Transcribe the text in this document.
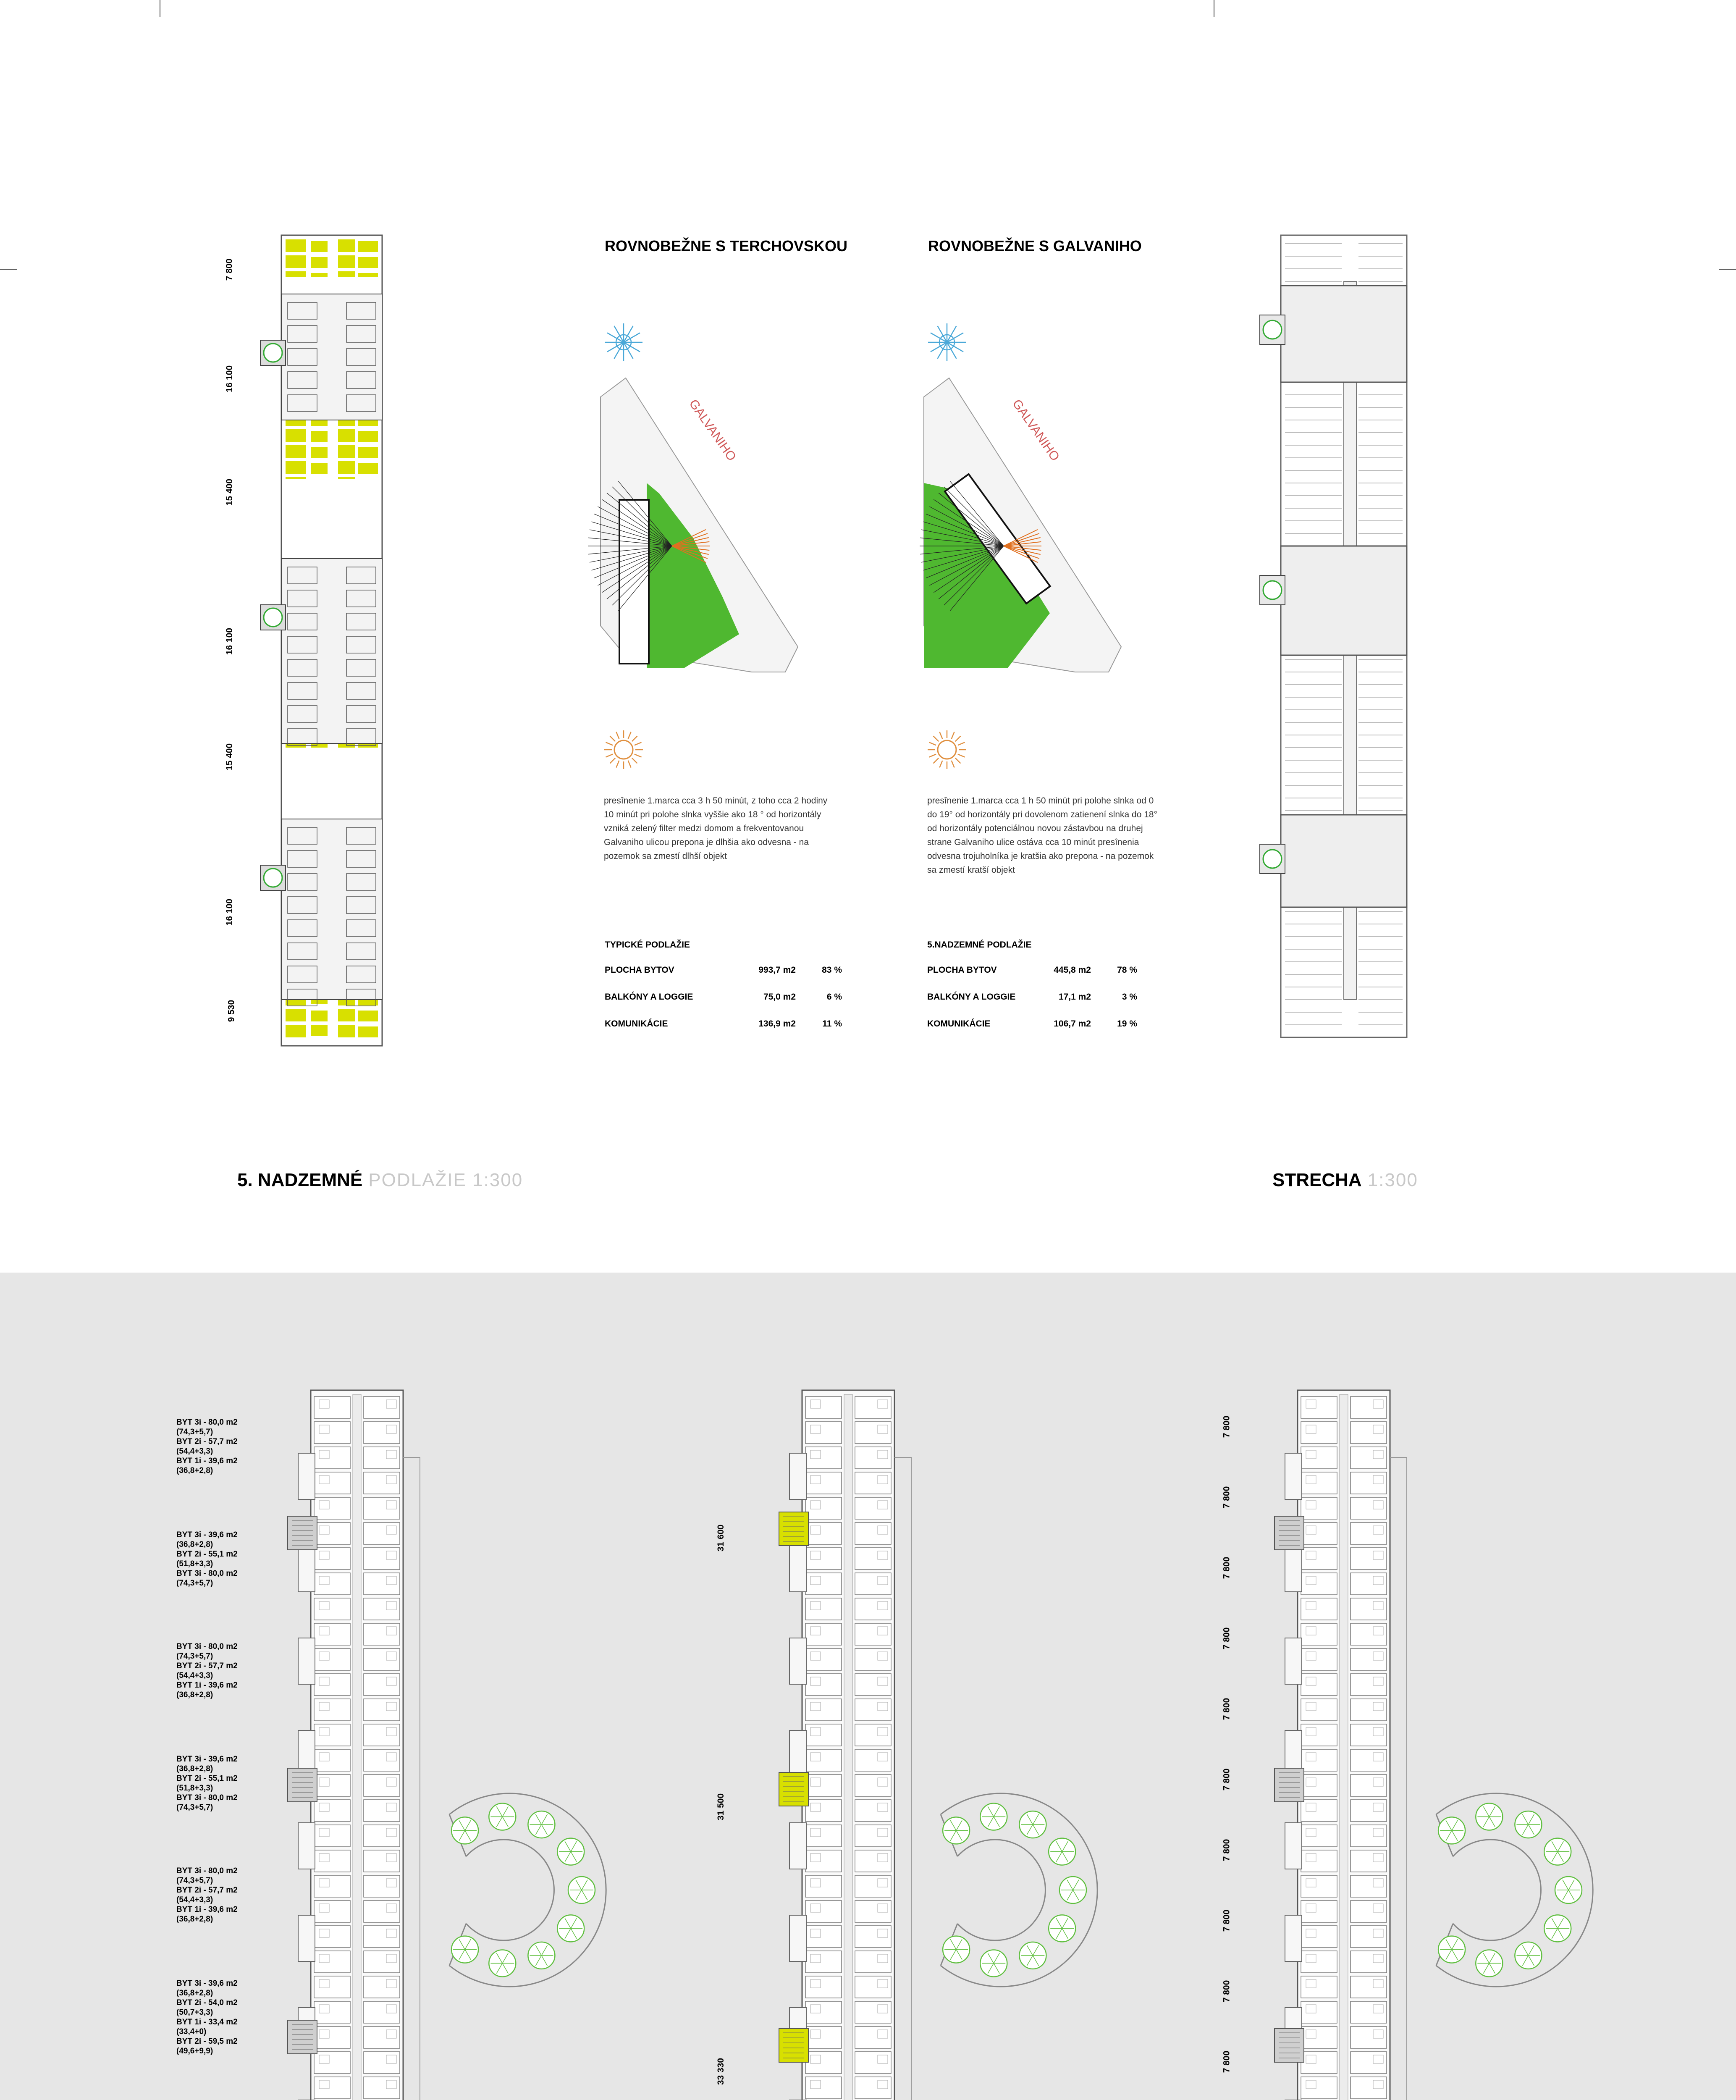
7 800
16 100
15 400
16 100
15 400
16 100
9 530
5. NADZEMNÉ PODLAŽIE 1:300
ROVNOBEŽNE S TERCHOVSKOU
GALVANIHO
presînenie 1.marca cca 3 h 50 minút, z toho cca 2 hodiny 10 minút pri polohe slnka vyššie ako 18 ° od horizontály vzniká zelený filter medzi domom a frekventovanou Galvaniho ulicou prepona je dlhšia ako odvesna - na pozemok sa zmestí dlhší objekt
TYPICKÉ PODLAŽIE
PLOCHA BYTOV	993,7 m2	83 %
BALKÓNY A LOGGIE	75,0 m2	6 %
KOMUNIKÁCIE	136,9 m2	11 %
ROVNOBEŽNE S GALVANIHO
GALVANIHO
presînenie 1.marca cca 1 h 50 minút pri polohe slnka od 0 do 19° od horizontály pri dovolenom zatienení slnka do 18° od horizontály potenciálnou novou zástavbou na druhej strane Galvaniho ulice ostáva cca 10 minút presînenia odvesna trojuholníka je kratšia ako prepona - na pozemok sa zmestí kratší objekt
5.NADZEMNÉ PODLAŽIE
PLOCHA BYTOV	445,8 m2	78 %
BALKÓNY A LOGGIE	17,1 m2	3 %
KOMUNIKÁCIE	106,7 m2	19 %
STRECHA 1:300
BYT 3i - 80,0 m2
(74,3+5,7)
BYT 2i - 57,7 m2
(54,4+3,3)
BYT 1i - 39,6 m2
(36,8+2,8)
BYT 3i - 39,6 m2
(36,8+2,8)
BYT 2i - 55,1 m2
(51,8+3,3)
BYT 3i - 80,0 m2
(74,3+5,7)
BYT 3i - 80,0 m2
(74,3+5,7)
BYT 2i - 57,7 m2
(54,4+3,3)
BYT 1i - 39,6 m2
(36,8+2,8)
BYT 3i - 39,6 m2
(36,8+2,8)
BYT 2i - 55,1 m2
(51,8+3,3)
BYT 3i - 80,0 m2
(74,3+5,7)
BYT 3i - 80,0 m2
(74,3+5,7)
BYT 2i - 57,7 m2
(54,4+3,3)
BYT 1i - 39,6 m2
(36,8+2,8)
BYT 3i - 39,6 m2
(36,8+2,8)
BYT 2i - 54,0 m2
(50,7+3,3)
BYT 1i - 33,4 m2
(33,4+0)
BYT 2i - 59,5 m2
(49,6+9,9)
31 600
31 500
33 330
7 800
7 800
7 800
7 800
7 800
7 800
7 800
7 800
7 800
7 800
